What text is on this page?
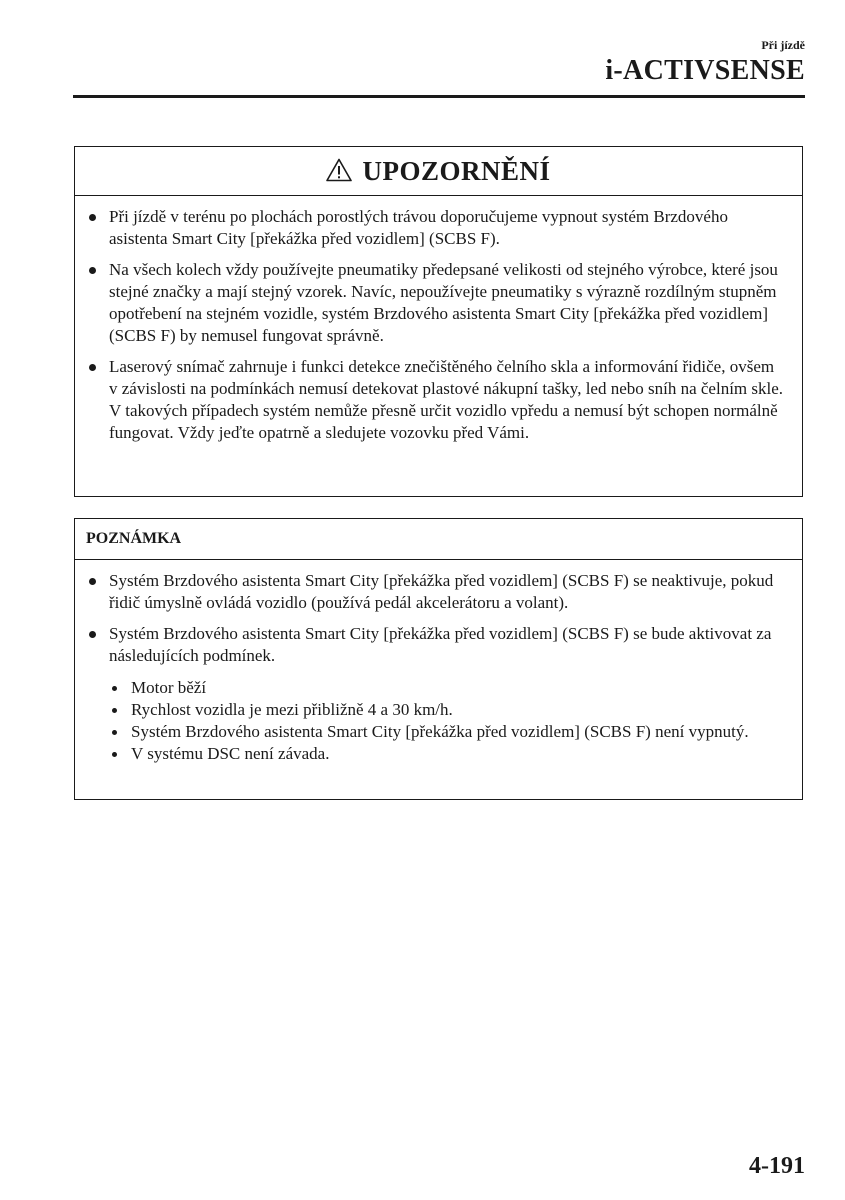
Při jízdě
i-ACTIVSENSE
UPOZORNĚNÍ
Při jízdě v terénu po plochách porostlých trávou doporučujeme vypnout systém Brzdového asistenta Smart City [překážka před vozidlem] (SCBS F).
Na všech kolech vždy používejte pneumatiky předepsané velikosti od stejného výrobce, které jsou stejné značky a mají stejný vzorek. Navíc, nepoužívejte pneumatiky s výrazně rozdílným stupněm opotřebení na stejném vozidle, systém Brzdového asistenta Smart City [překážka před vozidlem] (SCBS F) by nemusel fungovat správně.
Laserový snímač zahrnuje i funkci detekce znečištěného čelního skla a informování řidiče, ovšem v závislosti na podmínkách nemusí detekovat plastové nákupní tašky, led nebo sníh na čelním skle. V takových případech systém nemůže přesně určit vozidlo vpředu a nemusí být schopen normálně fungovat. Vždy jeďte opatrně a sledujete vozovku před Vámi.
POZNÁMKA
Systém Brzdového asistenta Smart City [překážka před vozidlem] (SCBS F) se neaktivuje, pokud řidič úmyslně ovládá vozidlo (používá pedál akcelerátoru a volant).
Systém Brzdového asistenta Smart City [překážka před vozidlem] (SCBS F) se bude aktivovat za následujících podmínek.
Motor běží
Rychlost vozidla je mezi přibližně 4 a 30 km/h.
Systém Brzdového asistenta Smart City [překážka před vozidlem] (SCBS F) není vypnutý.
V systému DSC není závada.
4-191
